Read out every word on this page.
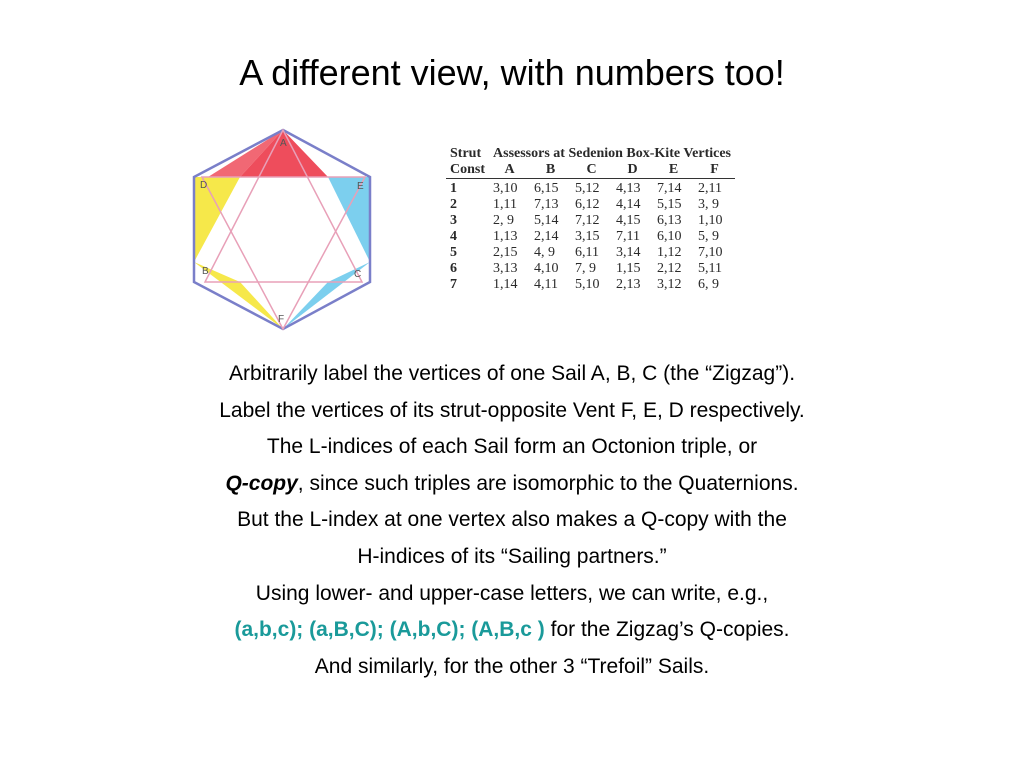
A different view, with numbers too!
A
B	C
D	E
F
Strut	Assessors at Sedenion Box-Kite Vertices					
Const	A	B	C	D	E	F
1	3,10	6,15	5,12	4,13	7,14	2,11
2	1,11	7,13	6,12	4,14	5,15	3, 9
3	2, 9	5,14	7,12	4,15	6,13	1,10
4	1,13	2,14	3,15	7,11	6,10	5, 9
5	2,15	4, 9	6,11	3,14	1,12	7,10
6	3,13	4,10	7, 9	1,15	2,12	5,11
7	1,14	4,11	5,10	2,13	3,12	6, 9

Arbitrarily label the vertices of one Sail A, B, C (the “Zigzag”).

Label the vertices of its strut-opposite Vent F, E, D respectively.

The L-indices of each Sail form an Octonion triple, or

Q-copy, since such triples are isomorphic to the Quaternions.

But the L-index at one vertex also makes a Q-copy with the

H-indices of its “Sailing partners.”

Using lower- and upper-case letters, we can write, e.g.,

(a,b,c); (a,B,C); (A,b,C); (A,B,c ) for the Zigzag’s Q-copies.

And similarly, for the other 3 “Trefoil” Sails.
